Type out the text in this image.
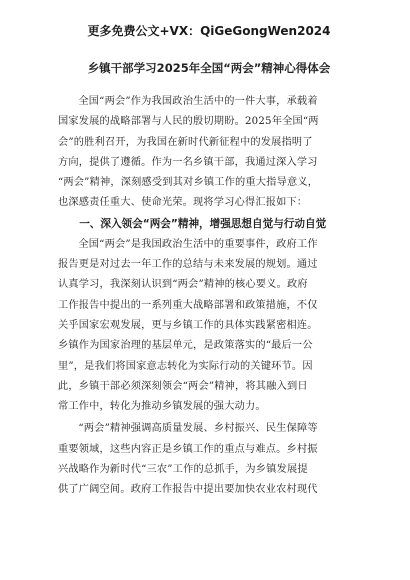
更多免费公文+VX：QiGeGongWen2024
乡镇干部学习2025年全国“两会”精神心得体会
全国“两会”作为我国政治生活中的一件大事，承载着
国家发展的战略部署与人民的殷切期盼。2025年全国“两
会”的胜利召开，为我国在新时代新征程中的发展指明了
方向，提供了遵循。作为一名乡镇干部，我通过深入学习
“两会”精神，深刻感受到其对乡镇工作的重大指导意义，
也深感责任重大、使命光荣。现将学习心得汇报如下：
一、深入领会“两会”精神，增强思想自觉与行动自觉
全国“两会”是我国政治生活中的重要事件，政府工作
报告更是对过去一年工作的总结与未来发展的规划。通过
认真学习，我深刻认识到“两会”精神的核心要义。政府
工作报告中提出的一系列重大战略部署和政策措施，不仅
关乎国家宏观发展，更与乡镇工作的具体实践紧密相连。
乡镇作为国家治理的基层单元，是政策落实的“最后一公
里”，是我们将国家意志转化为实际行动的关键环节。因
此，乡镇干部必须深刻领会“两会”精神，将其融入到日
常工作中，转化为推动乡镇发展的强大动力。
“两会”精神强调高质量发展、乡村振兴、民生保障等
重要领域，这些内容正是乡镇工作的重点与难点。乡村振
兴战略作为新时代“三农”工作的总抓手，为乡镇发展提
供了广阔空间。政府工作报告中提出要加快农业农村现代
